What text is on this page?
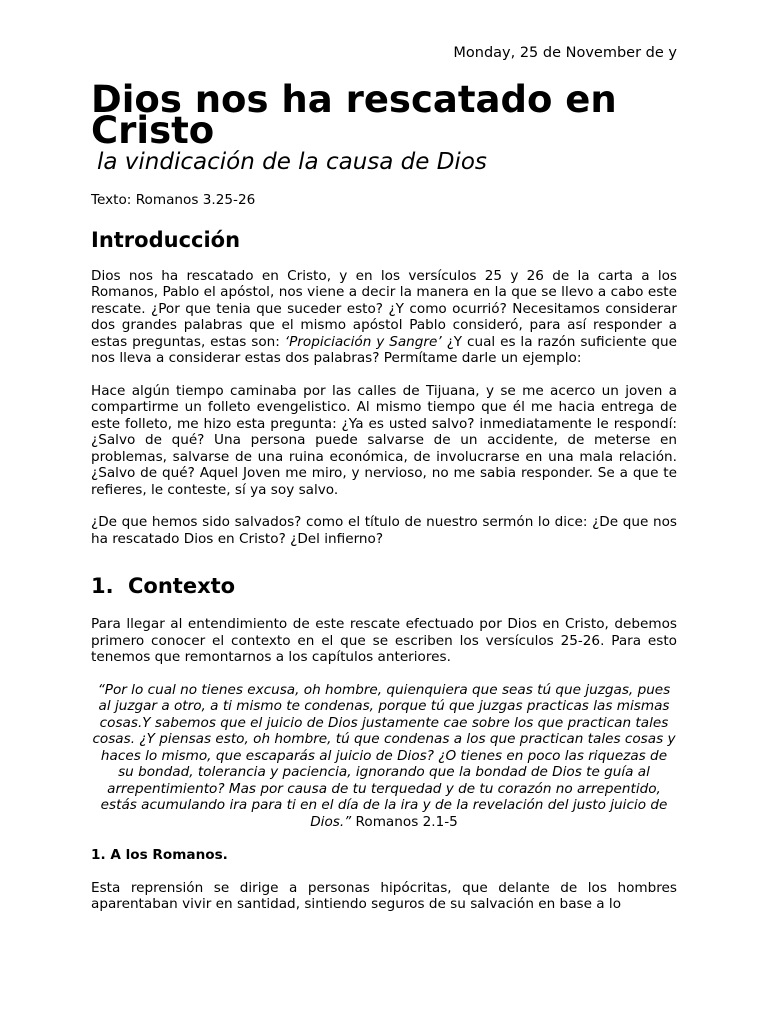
Monday, 25 de November de y
Dios nos ha rescatado en Cristo
la vindicación de la causa de Dios

Texto: Romanos 3.25-26

Introducción

Dios nos ha rescatado en Cristo, y en los versículos 25 y 26 de la carta a los Romanos, Pablo el apóstol, nos viene a decir la manera en la que se llevo a cabo este rescate. ¿Por que tenia que suceder esto? ¿Y como ocurrió? Necesitamos considerar dos grandes palabras que el mismo apóstol Pablo consideró, para así responder a estas preguntas, estas son: ‘Propiciación y Sangre’ ¿Y cual es la razón suficiente que nos lleva a considerar estas dos palabras? Permítame darle un ejemplo:

Hace algún tiempo caminaba por las calles de Tijuana, y se me acerco un joven a compartirme un folleto evengelistico. Al mismo tiempo que él me hacia entrega de este folleto, me hizo esta pregunta: ¿Ya es usted salvo? inmediatamente le respondí: ¿Salvo de qué? Una persona puede salvarse de un accidente, de meterse en problemas, salvarse de una ruina económica, de involucrarse en una mala relación. ¿Salvo de qué? Aquel Joven me miro, y nervioso, no me sabia responder. Se a que te refieres, le conteste, sí ya soy salvo.

¿De que hemos sido salvados? como el título de nuestro sermón lo dice: ¿De que nos ha rescatado Dios en Cristo? ¿Del infierno?

1. Contexto

Para llegar al entendimiento de este rescate efectuado por Dios en Cristo, debemos primero conocer el contexto en el que se escriben los versículos 25-26. Para esto tenemos que remontarnos a los capítulos anteriores.

“Por lo cual no tienes excusa, oh hombre, quienquiera que seas tú que juzgas, pues al juzgar a otro, a ti mismo te condenas, porque tú que juzgas practicas las mismas cosas.Y sabemos que el juicio de Dios justamente cae sobre los que practican tales cosas. ¿Y piensas esto, oh hombre, tú que condenas a los que practican tales cosas y haces lo mismo, que escaparás al juicio de Dios? ¿O tienes en poco las riquezas de su bondad, tolerancia y paciencia, ignorando que la bondad de Dios te guía al arrepentimiento? Mas por causa de tu terquedad y de tu corazón no arrepentido, estás acumulando ira para ti en el día de la ira y de la revelación del justo juicio de Dios.” Romanos 2.1-5

1. A los Romanos.

Esta reprensión se dirige a personas hipócritas, que delante de los hombres aparentaban vivir en santidad, sintiendo seguros de su salvación en base a lo
